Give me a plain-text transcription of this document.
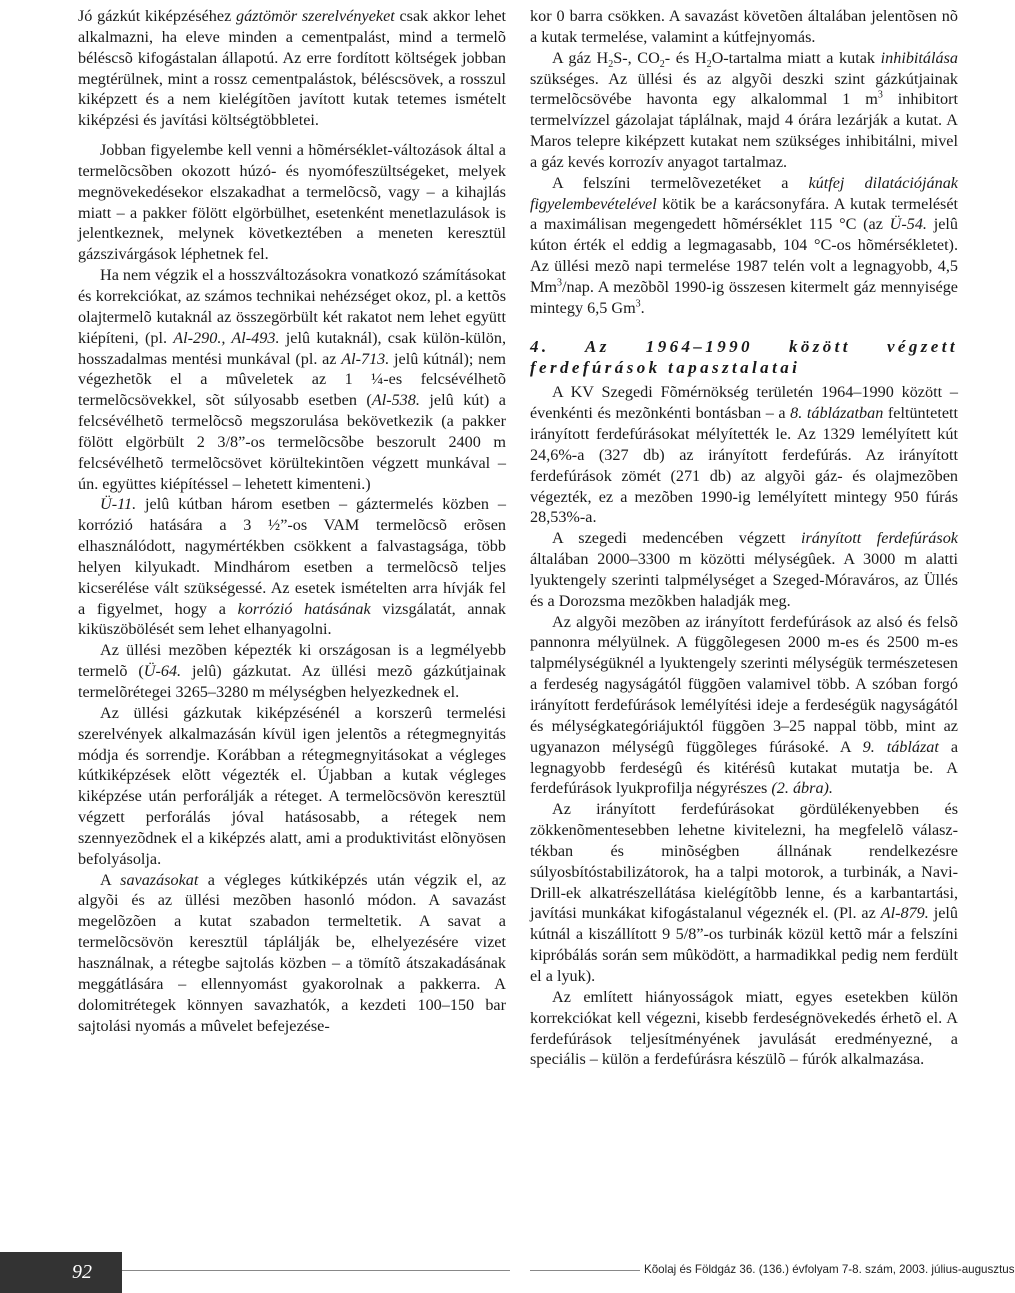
Jó gázkút kiképzéséhez gáztömör szerelvényeket csak akkor lehet alkalmazni, ha eleve minden a cementpalást, mind a termelõ béléscsõ kifogástalan állapotú. Az erre fordított költségek jobban megtérülnek, mint a rossz cementpalástok, béléscsövek, a rosszul kiképzett és a nem kielégítõen javított kutak tetemes ismételt kiképzési és javítási költségtöbbletei.

Jobban figyelembe kell venni a hõmérséklet-változások által a termelõcsõben okozott húzó- és nyomófeszültségeket, melyek megnövekedésekor elszakadhat a termelõcsõ, vagy – a kihajlás miatt – a pakker fölött elgörbülhet, esetenként menetlazulások is jelentkeznek, melynek következtében a meneten keresztül gázszivárgások léphetnek fel.

Ha nem végzik el a hosszváltozásokra vonatkozó számításokat és korrekciókat, az számos technikai nehézséget okoz, pl. a kettõs olajtermelõ kutaknál az összegörbült két rakatot nem lehet együtt kiépíteni, (pl. Al-290., Al-493. jelû kutaknál), csak külön-külön, hosszadalmas mentési munkával (pl. az Al-713. jelû kútnál); nem végezhetõk el a mûveletek az 1 ¼-es felcsévélhetõ termelõcsövekkel, sõt súlyosabb esetben (Al-538. jelû kút) a felcsévélhetõ termelõcsõ megszorulása bekövetkezik (a pakker fölött elgörbült 2 3/8”-os termelõcsõbe beszorult 2400 m felcsévélhetõ termelõcsövet körültekintõen végzett munkával – ún. együttes kiépítéssel – lehetett kimenteni.)

Ü-11. jelû kútban három esetben – gáztermelés közben – korrózió hatására a 3 ½”-os VAM termelõcsõ erõsen elhasználódott, nagymértékben csökkent a falvastagsága, több helyen kilyukadt. Mindhárom esetben a termelõcsõ teljes kicserélése vált szükségessé. Az esetek ismételten arra hívják fel a figyelmet, hogy a korrózió hatásának vizsgálatát, annak kiküszöbölését sem lehet elhanyagolni.

Az üllési mezõben képezték ki országosan is a legmélyebb termelõ (Ü-64. jelû) gázkutat. Az üllési mezõ gázkútjainak termelõrétegei 3265–3280 m mélységben helyezkednek el.

Az üllési gázkutak kiképzésénél a korszerû termelési szerelvények alkalmazásán kívül igen jelentõs a rétegmegnyitás módja és sorrendje. Korábban a rétegmegnyitásokat a végleges kútkiképzések elõtt végezték el. Újabban a kutak végleges kiképzése után perforálják a réteget. A termelõcsövön keresztül végzett perforálás jóval hatásosabb, a rétegek nem szennyezõdnek el a kiképzés alatt, ami a produktivitást elõnyösen befolyásolja.

A savazásokat a végleges kútkiképzés után végzik el, az algyõi és az üllési mezõben hasonló módon. A savazást megelõzõen a kutat szabadon termeltetik. A savat a termelõcsövön keresztül táplálják be, elhelyezésére vizet használnak, a rétegbe sajtolás közben – a tömítõ átszakadásának meggátlására – ellennyomást gyakorolnak a pakkerra. A dolomitrétegek könnyen savazhatók, a kezdeti 100–150 bar sajtolási nyomás a mûvelet befejezése-

kor 0 barra csökken. A savazást követõen általában jelentõsen nõ a kutak termelése, valamint a kútfejnyomás.

A gáz $H_2S-$, $CO_2-$ és $H_2O$-tartalma miatt a kutak inhibitálása szükséges. Az üllési és az algyõi deszki szint gázkútjainak termelõcsövébe havonta egy alkalommal 1 $m^3$ inhibitort termelvízzel gázolajat táplálnak, majd 4 órára lezárják a kutat. A Maros telepre kiképzett kutakat nem szükséges inhibitálni, mivel a gáz kevés korrozív anyagot tartalmaz.

A felszíni termelõvezetéket a kútfej dilatációjának figyelembevételével kötik be a karácsonyfára. A kutak termelését a maximálisan megengedett hõmérséklet 115 °C (az Ü-54. jelû kúton érték el eddig a legmagasabb, 104 °C-os hõmérsékletet). Az üllési mezõ napi termelése 1987 telén volt a legnagyobb, 4,5 Mm$^3$/nap. A mezõbõl 1990-ig összesen kitermelt gáz mennyisége mintegy 6,5 Gm$^3$.

4. Az 1964–1990 között végzett ferdefúrások tapasztalatai

A KV Szegedi Fõmérnökség területén 1964–1990 között – évenkénti és mezõnkénti bontásban – a 8. táblázatban feltüntetett irányított ferdefúrásokat mélyítették le. Az 1329 lemélyített kút 24,6%-a (327 db) az irányított ferdefúrás. Az irányított ferdefúrások zömét (271 db) az algyõi gáz- és olajmezõben végezték, ez a mezõben 1990-ig lemélyített mintegy 950 fúrás 28,53%-a.

A szegedi medencében végzett irányított ferdefúrások általában 2000–3300 m közötti mélységûek. A 3000 m alatti lyuktengely szerinti talpmélységet a Szeged-Móraváros, az Üllés és a Dorozsma mezõkben haladják meg.

Az algyõi mezõben az irányított ferdefúrások az alsó és felsõ pannonra mélyülnek. A függõlegesen 2000 m-es és 2500 m-es talpmélységüknél a lyuktengely szerinti mélységük természetesen a ferdeség nagyságától függõen valamivel több. A szóban forgó irányított ferdefúrások lemélyítési ideje a ferdeségük nagyságától és mélységkategóriájuktól függõen 3–25 nappal több, mint az ugyanazon mélységû függõleges fúrásoké. A 9. táblázat a legnagyobb ferdeségû és kitérésû kutakat mutatja be. A ferdefúrások lyukprofilja négyrészes (2. ábra).

Az irányított ferdefúrásokat gördülékenyebben és zökkenõmentesebben lehetne kivitelezni, ha megfelelõ választékban és minõségben állnának rendelkezésre súlyosbítóstabilizátorok, ha a talpi motorok, a turbinák, a Navi-Drill-ek alkatrészellátása kielégítõbb lenne, és a karbantartási, javítási munkákat kifogástalanul végeznék el. (Pl. az Al-879. jelû kútnál a kiszállított 9 5/8”-os turbinák közül kettõ már a felszíni kipróbálás során sem mûködött, a harmadikkal pedig nem ferdült el a lyuk).

Az említett hiányosságok miatt, egyes esetekben külön korrekciókat kell végezni, kisebb ferdeségnövekedés érhetõ el. A ferdefúrások teljesítményének javulását eredményezné, a speciális – külön a ferdefúrásra készülõ – fúrók alkalmazása.

92	Kõolaj és Földgáz 36. (136.) évfolyam 7-8. szám, 2003. július-augusztus
